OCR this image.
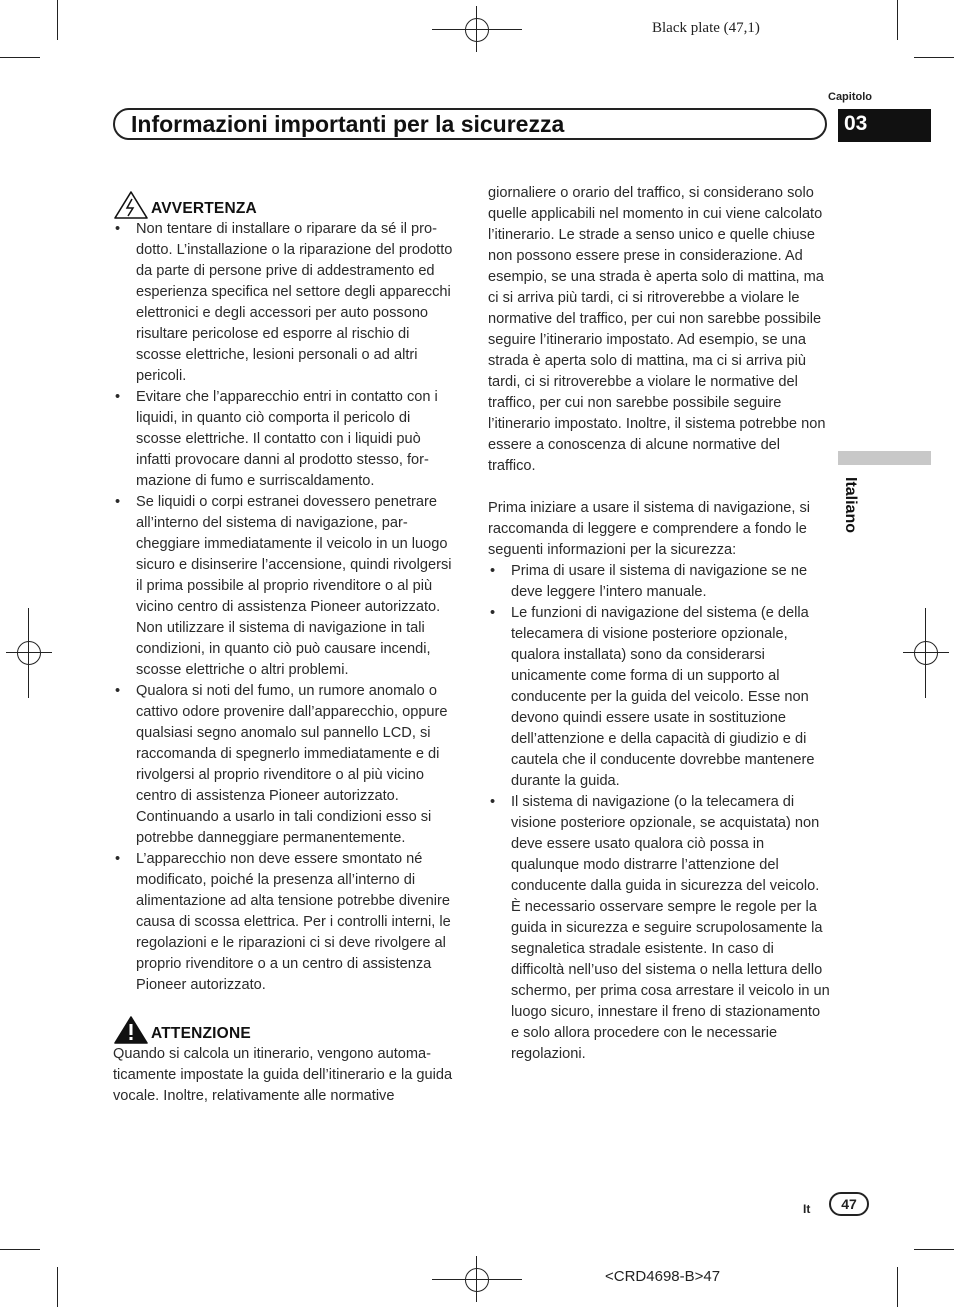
Black plate (47,1)
Capitolo
Informazioni importanti per la sicurezza	03
Italiano
AVVERTENZA
• Non tentare di installare o riparare da sé il prodotto. L’installazione o la riparazione del prodotto da parte di persone prive di addestramento ed esperienza specifica nel settore degli apparecchi elettronici e degli accessori per auto possono risultare pericolose ed esporre al rischio di scosse elettriche, lesioni personali o ad altri pericoli.
• Evitare che l’apparecchio entri in contatto con i liquidi, in quanto ciò comporta il pericolo di scosse elettriche. Il contatto con i liquidi può infatti provocare danni al prodotto stesso, formazione di fumo e surriscaldamento.
• Se liquidi o corpi estranei dovessero penetrare all’interno del sistema di navigazione, parcheggiare immediatamente il veicolo in un luogo sicuro e disinserire l’accensione, quindi rivolgersi il prima possibile al proprio rivenditore o al più vicino centro di assistenza Pioneer autorizzato. Non utilizzare il sistema di navigazione in tali condizioni, in quanto ciò può causare incendi, scosse elettriche o altri problemi.
• Qualora si noti del fumo, un rumore anomalo o cattivo odore provenire dall’apparecchio, oppure qualsiasi segno anomalo sul pannello LCD, si raccomanda di spegnerlo immediatamente e di rivolgersi al proprio rivenditore o al più vicino centro di assistenza Pioneer autorizzato. Continuando a usarlo in tali condizioni esso si potrebbe danneggiare permanentemente.
• L’apparecchio non deve essere smontato né modificato, poiché la presenza all’interno di alimentazione ad alta tensione potrebbe divenire causa di scossa elettrica. Per i controlli interni, le regolazioni e le riparazioni ci si deve rivolgere al proprio rivenditore o a un centro di assistenza Pioneer autorizzato.
ATTENZIONE

Quando si calcola un itinerario, vengono automaticamente impostate la guida dell’itinerario e la guida vocale. Inoltre, relativamente alle normative

giornaliere o orario del traffico, si considerano solo quelle applicabili nel momento in cui viene calcolato l’itinerario. Le strade a senso unico e quelle chiuse non possono essere prese in considerazione. Ad esempio, se una strada è aperta solo di mattina, ma ci si arriva più tardi, ci si ritroverebbe a violare le normative del traffico, per cui non sarebbe possibile seguire l’itinerario impostato. Ad esempio, se una strada è aperta solo di mattina, ma ci si arriva più tardi, ci si ritroverebbe a violare le normative del traffico, per cui non sarebbe possibile seguire l’itinerario impostato. Inoltre, il sistema potrebbe non essere a conoscenza di alcune normative del traffico.

Prima iniziare a usare il sistema di navigazione, si raccomanda di leggere e comprendere a fondo le seguenti informazioni per la sicurezza:

• Prima di usare il sistema di navigazione se ne deve leggere l’intero manuale.
• Le funzioni di navigazione del sistema (e della telecamera di visione posteriore opzionale, qualora installata) sono da considerarsi unicamente come forma di un supporto al conducente per la guida del veicolo. Esse non devono quindi essere usate in sostituzione dell’attenzione e della capacità di giudizio e di cautela che il conducente dovrebbe mantenere durante la guida.
• Il sistema di navigazione (o la telecamera di visione posteriore opzionale, se acquistata) non deve essere usato qualora ciò possa in qualunque modo distrarre l’attenzione del conducente dalla guida in sicurezza del veicolo. È necessario osservare sempre le regole per la guida in sicurezza e seguire scrupolosamente la segnaletica stradale esistente. In caso di difficoltà nell’uso del sistema o nella lettura dello schermo, per prima cosa arrestare il veicolo in un luogo sicuro, innestare il freno di stazionamento e solo allora procedere con le necessarie regolazioni.
It	47
<CRD4698-B>47
